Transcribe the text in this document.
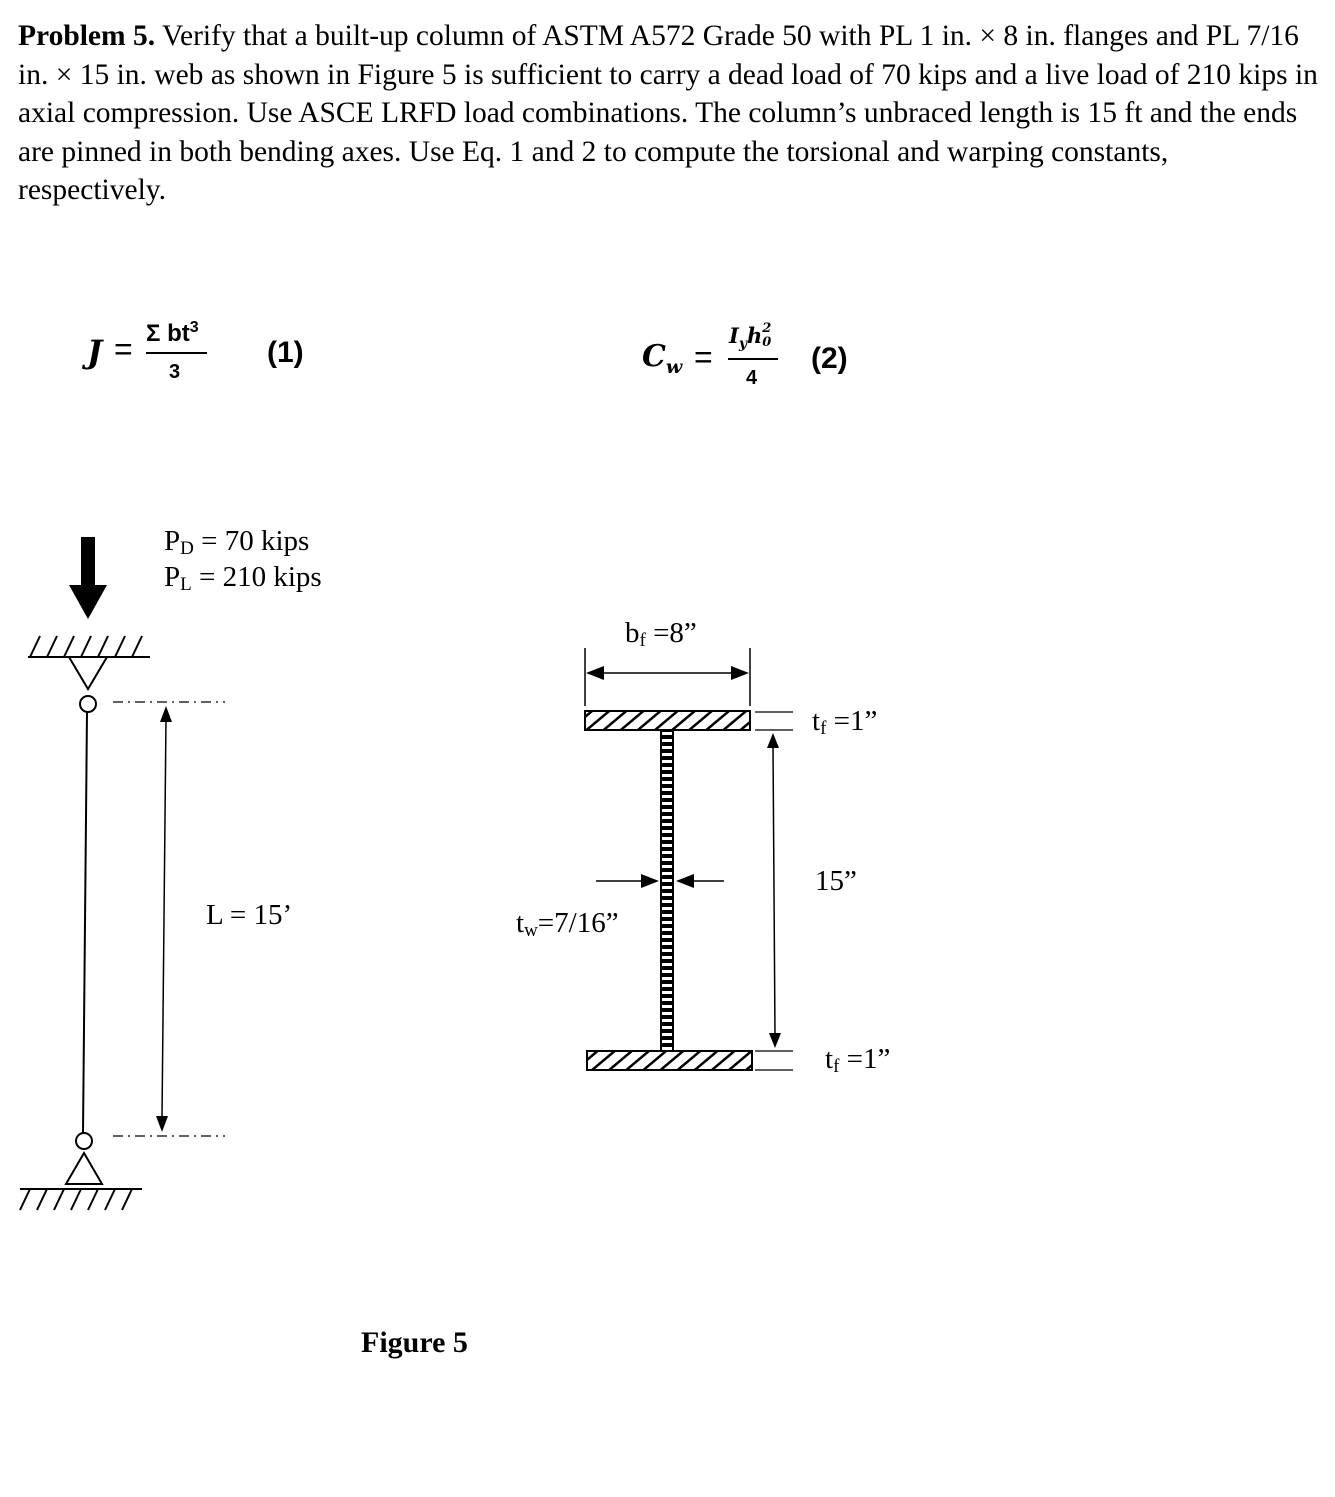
Problem 5. Verify that a built-up column of ASTM A572 Grade 50 with PL 1 in. × 8 in. flanges and PL 7/16 in. × 15 in. web as shown in Figure 5 is sufficient to carry a dead load of 70 kips and a live load of 210 kips in axial compression. Use ASCE LRFD load combinations. The column’s unbraced length is 15 ft and the ends are pinned in both bending axes. Use Eq. 1 and 2 to compute the torsional and warping constants, respectively.
J = Σ $bt^3$
3
(1)	$C_w$ =
$I_yh$ 2
0
4
(2)
$P_D = 70$ kips
$P_L = 210$ kips
L = 15’
$b_f =8$”
$t_f =1$”
15”
$t_w=7/16$”
$t_f =1$”
Figure 5
